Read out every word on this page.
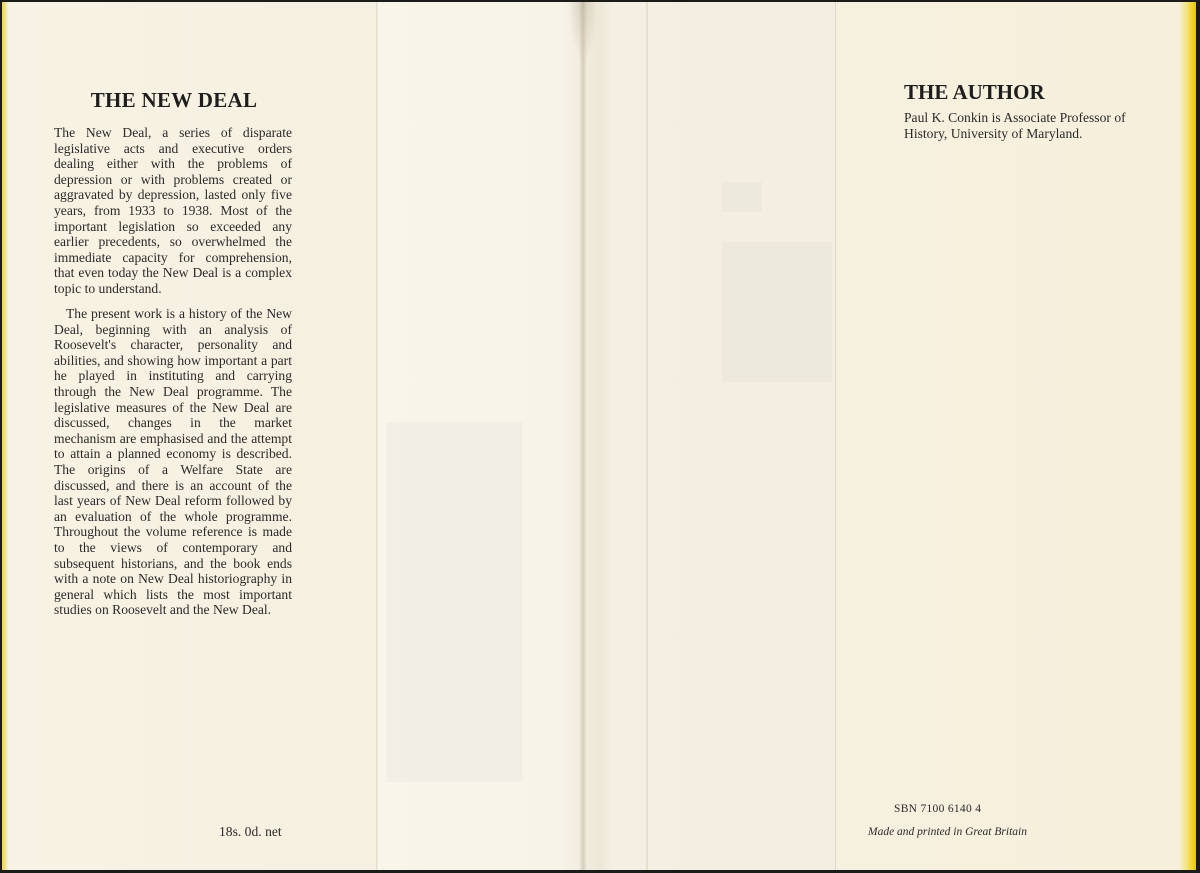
THE NEW DEAL

The New Deal, a series of disparate legislative acts and executive orders dealing either with the problems of depression or with problems created or aggravated by depression, lasted only five years, from 1933 to 1938. Most of the important legislation so exceeded any earlier precedents, so overwhelmed the immediate capacity for comprehension, that even today the New Deal is a complex topic to understand.

The present work is a history of the New Deal, beginning with an analysis of Roosevelt's character, personality and abilities, and showing how important a part he played in instituting and carrying through the New Deal programme. The legislative measures of the New Deal are discussed, changes in the market mechanism are emphasised and the attempt to attain a planned economy is described. The origins of a Welfare State are discussed, and there is an account of the last years of New Deal reform followed by an evaluation of the whole programme. Throughout the volume reference is made to the views of contemporary and subsequent historians, and the book ends with a note on New Deal historiography in general which lists the most important studies on Roosevelt and the New Deal.

18s. 0d. net

THE AUTHOR

Paul K. Conkin is Associate Professor of History, University of Maryland.

SBN 7100 6140 4

Made and printed in Great Britain
